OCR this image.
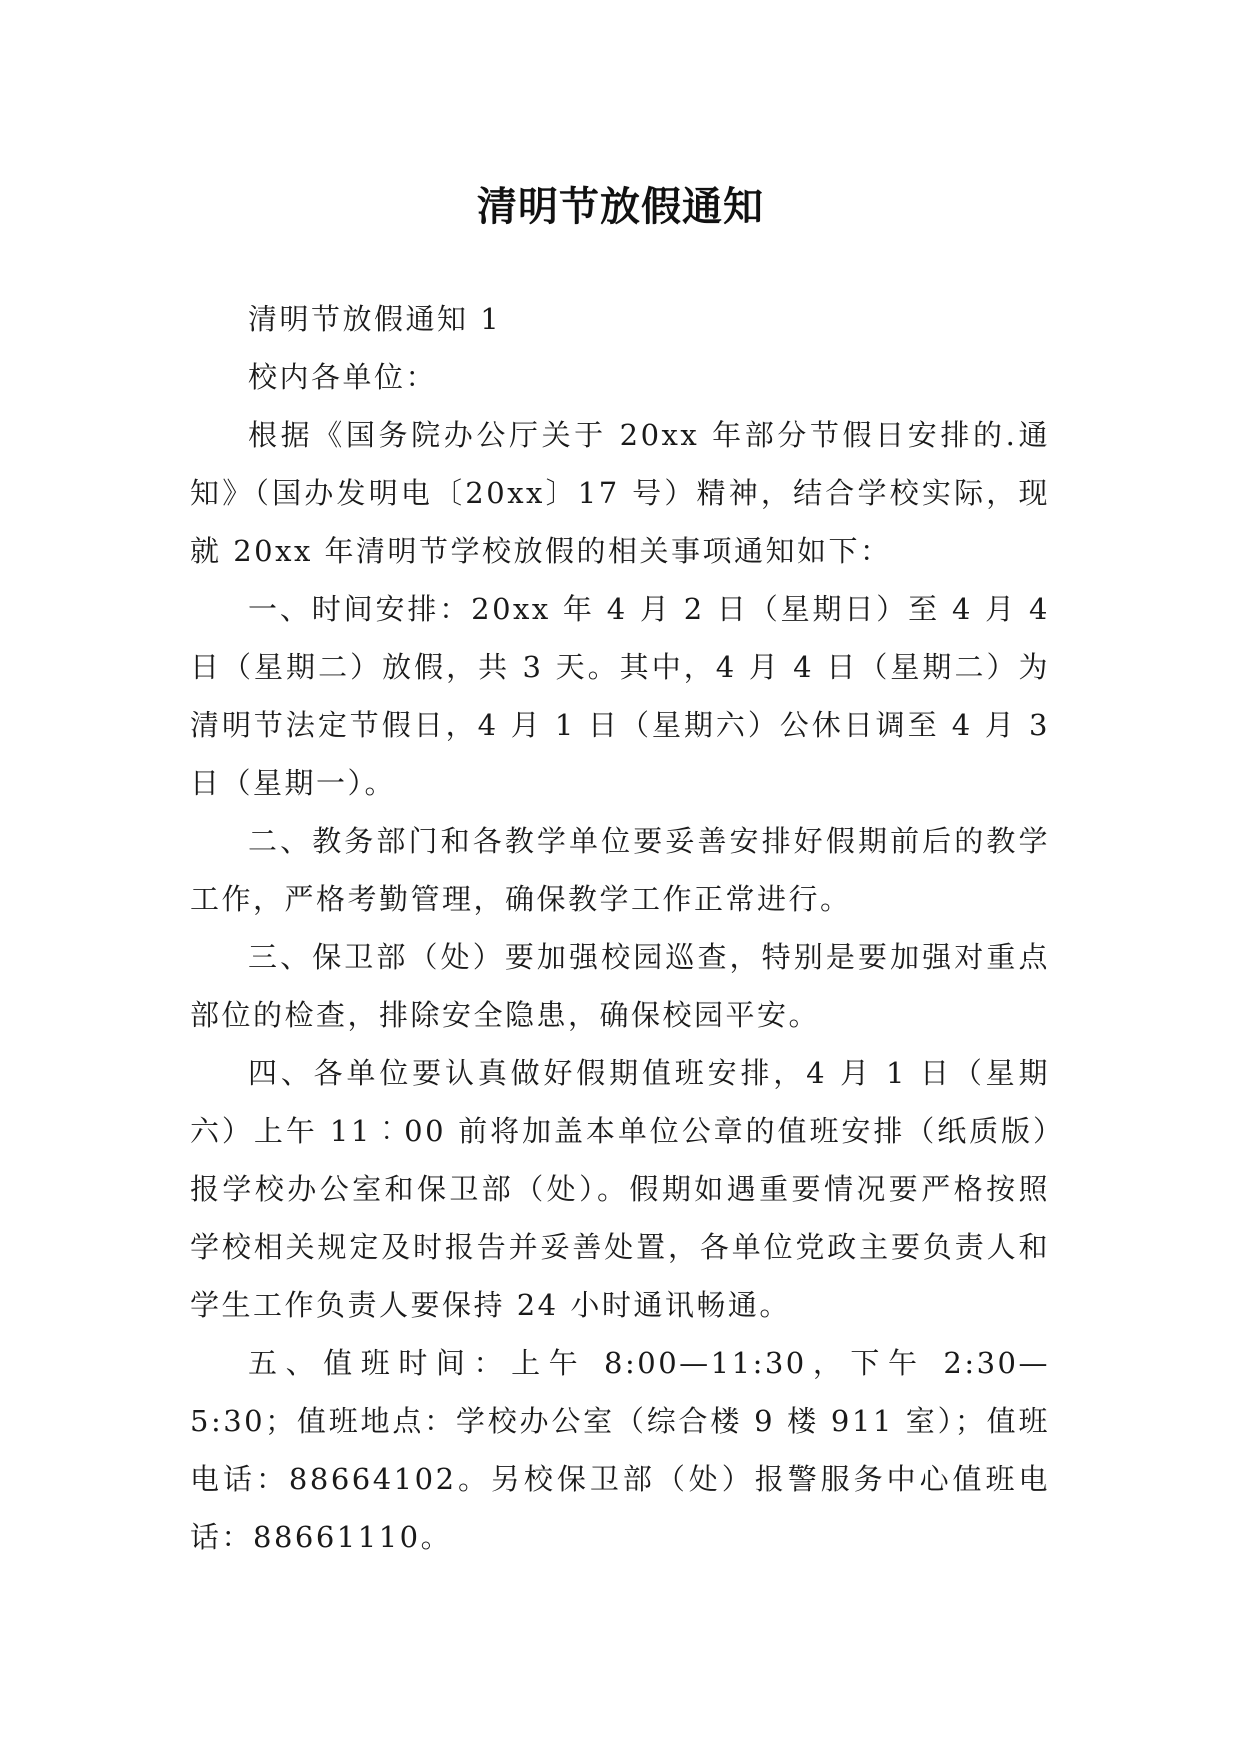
清明节放假通知

清明节放假通知 1

校内各单位：

根据《国务院办公厅关于 20xx 年部分节假日安排的.通知》（国办发明电〔20xx〕17 号）精神，结合学校实际，现就 20xx 年清明节学校放假的相关事项通知如下：

一、时间安排：20xx 年 4 月 2 日（星期日）至 4 月 4 日（星期二）放假，共 3 天。其中，4 月 4 日（星期二）为清明节法定节假日，4 月 1 日（星期六）公休日调至 4 月 3 日（星期一）。

二、教务部门和各教学单位要妥善安排好假期前后的教学工作，严格考勤管理，确保教学工作正常进行。

三、保卫部（处）要加强校园巡查，特别是要加强对重点部位的检查，排除安全隐患，确保校园平安。

四、各单位要认真做好假期值班安排，4 月 1 日（星期六）上午 11︰00 前将加盖本单位公章的值班安排（纸质版）报学校办公室和保卫部（处）。假期如遇重要情况要严格按照学校相关规定及时报告并妥善处置，各单位党政主要负责人和学生工作负责人要保持 24 小时通讯畅通。

五、值班时间：上午 8:00—11:30，下午 2:30—5:30；值班地点：学校办公室（综合楼 9 楼 911 室）；值班电话：88664102。另校保卫部（处）报警服务中心值班电话：88661110。
